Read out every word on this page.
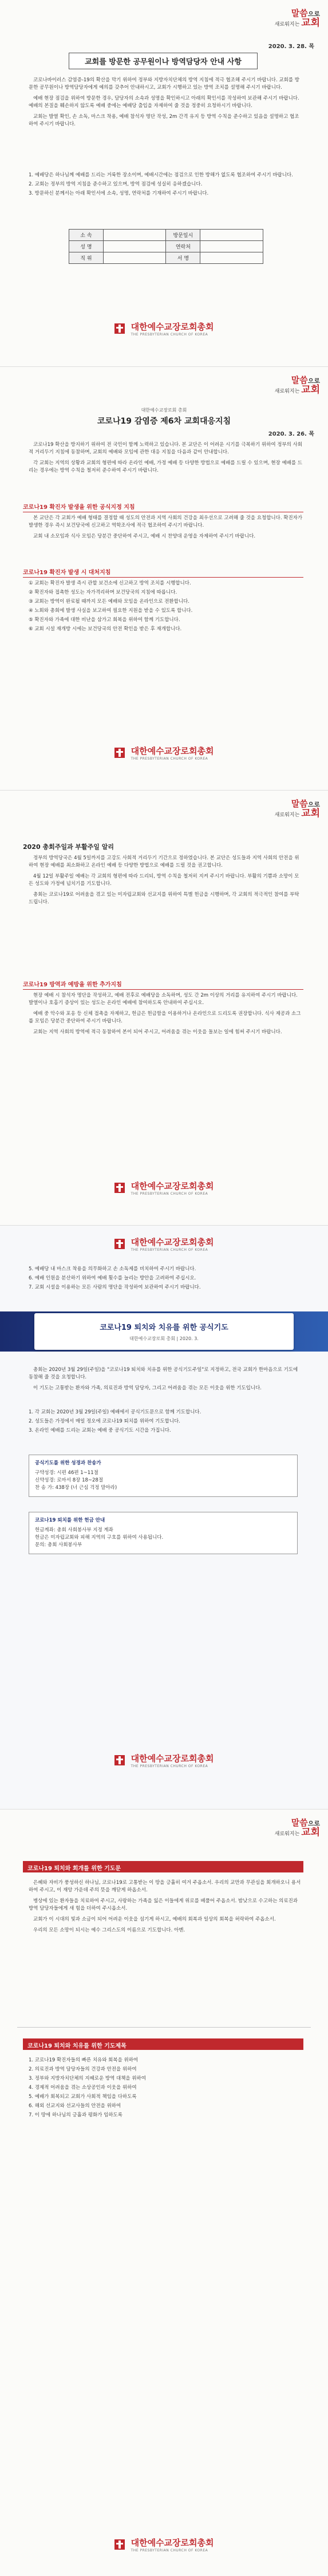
말씀으로
새로워지는 교회
2020. 3. 28. 목
교회를 방문한 공무원이나 방역담당자 안내 사항

코로나바이러스 감염증-19의 확산을 막기 위하여 정부와 지방자치단체의 방역 지침에 적극 협조해 주시기 바랍니다. 교회를 방문한 공무원이나 방역담당자에게 예의를 갖추어 안내하시고, 교회가 시행하고 있는 방역 조치를 설명해 주시기 바랍니다.

예배 현장 점검을 위하여 방문한 경우, 담당자의 소속과 성명을 확인하시고 아래의 확인서를 작성하여 보관해 주시기 바랍니다. 예배의 본질을 훼손하지 않도록 예배 중에는 예배당 출입을 자제하여 줄 것을 정중히 요청하시기 바랍니다.

교회는 발열 확인, 손 소독, 마스크 착용, 예배 참석자 명단 작성, 2m 간격 유지 등 방역 수칙을 준수하고 있음을 설명하고 협조하여 주시기 바랍니다.

1. 예배당은 하나님께 예배를 드리는 거룩한 장소이며, 예배시간에는 점검으로 인한 방해가 없도록 협조하여 주시기 바랍니다.
2. 교회는 정부의 방역 지침을 준수하고 있으며, 방역 점검에 성실히 응하겠습니다.
3. 방문하신 분께서는 아래 확인서에 소속, 성명, 연락처를 기재하여 주시기 바랍니다.
소 속		방문일시	
성 명		연락처	
직 위		서 명	

대한예수교장로회총회
THE PRESBYTERIAN CHURCH OF KOREA
말씀으로
새로워지는 교회
대한예수교장로회 총회
코로나19 감염증 제6차 교회대응지침
2020. 3. 26. 목

코로나19 확산을 방지하기 위하여 전 국민이 함께 노력하고 있습니다. 본 교단은 이 어려운 시기를 극복하기 위하여 정부의 사회적 거리두기 지침에 동참하며, 교회의 예배와 모임에 관한 대응 지침을 다음과 같이 안내합니다.

각 교회는 지역의 상황과 교회의 형편에 따라 온라인 예배, 가정 예배 등 다양한 방법으로 예배를 드릴 수 있으며, 현장 예배를 드리는 경우에는 방역 수칙을 철저히 준수하여 주시기 바랍니다.

코로나19 확진자 발생을 위한 공식지정 지침

본 교단은 각 교회가 예배 형태를 결정할 때 성도의 안전과 지역 사회의 건강을 최우선으로 고려해 줄 것을 요청합니다. 확진자가 발생한 경우 즉시 보건당국에 신고하고 역학조사에 적극 협조하여 주시기 바랍니다.

교회 내 소모임과 식사 모임은 당분간 중단하여 주시고, 예배 시 찬양대 운영을 자제하여 주시기 바랍니다.

코로나19 확진자 발생 시 대처지침
① 교회는 확진자 발생 즉시 관할 보건소에 신고하고 방역 조치를 시행합니다.
② 확진자와 접촉한 성도는 자가격리하며 보건당국의 지침에 따릅니다.
③ 교회는 방역이 완료될 때까지 모든 예배와 모임을 온라인으로 전환합니다.
④ 노회와 총회에 발생 사실을 보고하여 필요한 지원을 받을 수 있도록 합니다.
⑤ 확진자와 가족에 대한 비난을 삼가고 회복을 위하여 함께 기도합니다.
⑥ 교회 시설 재개방 시에는 보건당국의 안전 확인을 받은 후 재개합니다.

대한예수교장로회총회
THE PRESBYTERIAN CHURCH OF KOREA
말씀으로
새로워지는 교회
2020 총회주일과 부활주일 알리

정부의 방역당국은 4월 5일까지를 고강도 사회적 거리두기 기간으로 정하였습니다. 본 교단은 성도들과 지역 사회의 안전을 위하여 현장 예배를 최소화하고 온라인 예배 등 다양한 방법으로 예배를 드릴 것을 권고합니다.

4월 12일 부활주일 예배는 각 교회의 형편에 따라 드리되, 방역 수칙을 철저히 지켜 주시기 바랍니다. 부활의 기쁨과 소망이 모든 성도와 가정에 넘치기를 기도합니다.

총회는 코로나19로 어려움을 겪고 있는 미자립교회와 선교지를 위하여 특별 헌금을 시행하며, 각 교회의 적극적인 참여를 부탁드립니다.

코로나19 방역과 예방을 위한 추가지침

현장 예배 시 참석자 명단을 작성하고, 예배 전후로 예배당을 소독하며, 성도 간 2m 이상의 거리를 유지하여 주시기 바랍니다. 발열이나 호흡기 증상이 있는 성도는 온라인 예배에 참여하도록 안내하여 주십시오.

예배 중 악수와 포옹 등 신체 접촉을 자제하고, 헌금은 헌금함을 이용하거나 온라인으로 드리도록 권장합니다. 식사 제공과 소그룹 모임은 당분간 중단하여 주시기 바랍니다.

교회는 지역 사회의 방역에 적극 동참하여 본이 되어 주시고, 어려움을 겪는 이웃을 돌보는 일에 힘써 주시기 바랍니다.

대한예수교장로회총회
THE PRESBYTERIAN CHURCH OF KOREA

대한예수교장로회총회
THE PRESBYTERIAN CHURCH OF KOREA
5. 예배당 내 마스크 착용을 의무화하고 손 소독제를 비치하여 주시기 바랍니다.
6. 예배 인원을 분산하기 위하여 예배 횟수를 늘리는 방안을 고려하여 주십시오.
7. 교회 시설을 이용하는 모든 사람의 명단을 작성하여 보관하여 주시기 바랍니다.
코로나19 퇴치와 치유를 위한 공식기도
대한예수교장로회 총회 | 2020. 3.

총회는 2020년 3월 29일(주일)을 "코로나19 퇴치와 치유를 위한 공식기도주일"로 지정하고, 전국 교회가 한마음으로 기도에 동참해 줄 것을 요청합니다.

이 기도는 고통받는 환자와 가족, 의료진과 방역 담당자, 그리고 어려움을 겪는 모든 이웃을 위한 기도입니다.

1. 각 교회는 2020년 3월 29일(주일) 예배에서 공식기도문으로 함께 기도합니다.
2. 성도들은 가정에서 매일 정오에 코로나19 퇴치를 위하여 기도합니다.
3. 온라인 예배를 드리는 교회는 예배 중 공식기도 시간을 가집니다.
공식기도를 위한 성경과 찬송가
구약성경: 시편 46편 1~11절
신약성경: 로마서 8장 18~28절
찬 송 가: 438장 (너 근심 걱정 말아라)
코로나19 퇴치를 위한 헌금 안내
헌금계좌: 총회 사회봉사부 지정 계좌
헌금은 미자립교회와 피해 지역의 구호를 위하여 사용됩니다.
문의: 총회 사회봉사부

대한예수교장로회총회
THE PRESBYTERIAN CHURCH OF KOREA
말씀으로
새로워지는 교회
코로나19 퇴치와 회개를 위한 기도문

은혜와 자비가 풍성하신 하나님, 코로나19로 고통받는 이 땅을 긍휼히 여겨 주옵소서. 우리의 교만과 무관심을 회개하오니 용서하여 주시고, 이 재앙 가운데 주의 뜻을 깨닫게 하옵소서.

병상에 있는 환자들을 치료하여 주시고, 사랑하는 가족을 잃은 이들에게 위로를 베풀어 주옵소서. 밤낮으로 수고하는 의료진과 방역 담당자들에게 새 힘을 더하여 주시옵소서.

교회가 이 시대의 빛과 소금이 되어 어려운 이웃을 섬기게 하시고, 예배의 회복과 일상의 회복을 허락하여 주옵소서.

우리의 모든 소망이 되시는 예수 그리스도의 이름으로 기도합니다. 아멘.

코로나19 퇴치와 치유를 위한 기도제목
1. 코로나19 확진자들의 빠른 치유와 회복을 위하여
2. 의료진과 방역 담당자들의 건강과 안전을 위하여
3. 정부와 지방자치단체의 지혜로운 방역 대책을 위하여
4. 경제적 어려움을 겪는 소상공인과 이웃을 위하여
5. 예배가 회복되고 교회가 사회적 책임을 다하도록
6. 해외 선교지와 선교사들의 안전을 위하여
7. 이 땅에 하나님의 긍휼과 평화가 임하도록

대한예수교장로회총회
THE PRESBYTERIAN CHURCH OF KOREA
